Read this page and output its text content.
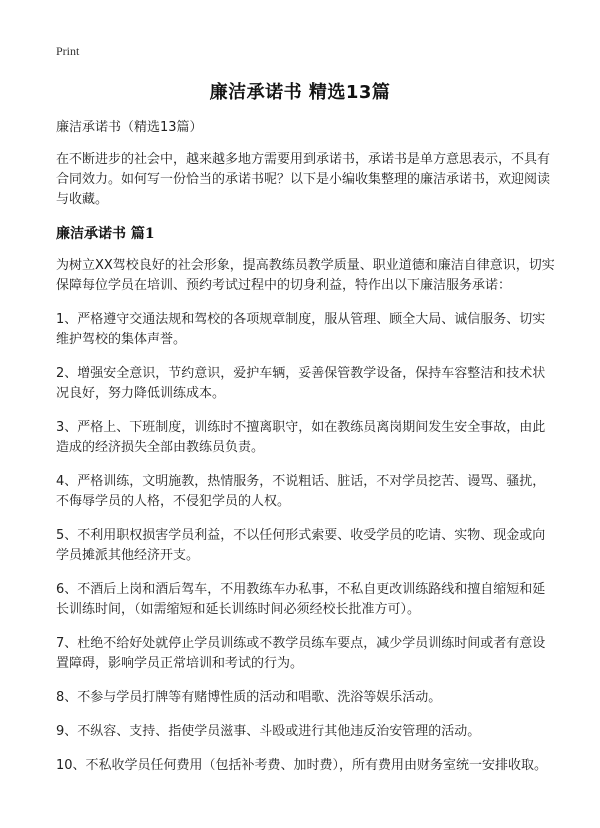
Print
廉洁承诺书 精选13篇
廉洁承诺书（精选13篇）

在不断进步的社会中，越来越多地方需要用到承诺书，承诺书是单方意思表示，不具有合同效力。如何写一份恰当的承诺书呢？以下是小编收集整理的廉洁承诺书，欢迎阅读与收藏。

廉洁承诺书 篇1

为树立XX驾校良好的社会形象，提高教练员教学质量、职业道德和廉洁自律意识，切实保障每位学员在培训、预约考试过程中的切身利益，特作出以下廉洁服务承诺：

1、严格遵守交通法规和驾校的各项规章制度，服从管理、顾全大局、诚信服务、切实维护驾校的集体声誉。
2、增强安全意识，节约意识，爱护车辆，妥善保管教学设备，保持车容整洁和技术状况良好，努力降低训练成本。
3、严格上、下班制度，训练时不擅离职守，如在教练员离岗期间发生安全事故，由此造成的经济损失全部由教练员负责。
4、严格训练，文明施教，热情服务，不说粗话、脏话，不对学员挖苦、谩骂、骚扰，不侮辱学员的人格，不侵犯学员的人权。
5、不利用职权损害学员利益，不以任何形式索要、收受学员的吃请、实物、现金或向学员摊派其他经济开支。
6、不酒后上岗和酒后驾车，不用教练车办私事，不私自更改训练路线和擅自缩短和延长训练时间，（如需缩短和延长训练时间必须经校长批准方可）。
7、杜绝不给好处就停止学员训练或不教学员练车要点，减少学员训练时间或者有意设置障碍，影响学员正常培训和考试的行为。
8、不参与学员打牌等有赌博性质的活动和唱歌、洗浴等娱乐活动。
9、不纵容、支持、指使学员滋事、斗殴或进行其他违反治安管理的活动。
10、不私收学员任何费用（包括补考费、加时费），所有费用由财务室统一安排收取。
